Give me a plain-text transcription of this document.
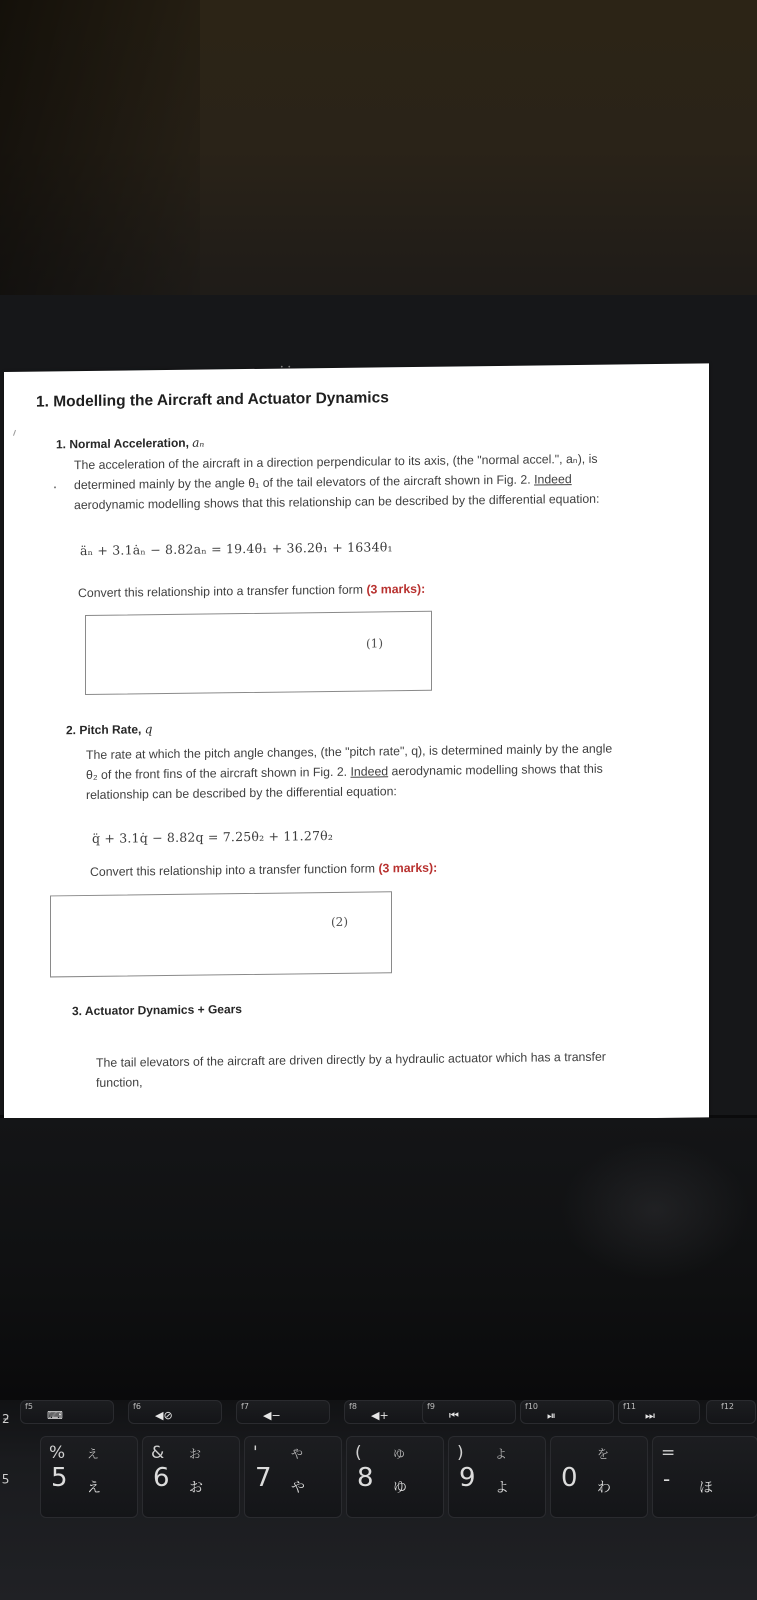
1. Modelling the Aircraft and Actuator Dynamics
1. Normal Acceleration, aₙ
The acceleration of the aircraft in a direction perpendicular to its axis, (the "normal accel.", aₙ), is
determined mainly by the angle θ₁ of the tail elevators of the aircraft shown in Fig. 2. Indeed
aerodynamic modelling shows that this relationship can be described by the differential equation:
äₙ + 3.1ȧₙ − 8.82aₙ = 19.4θ̈₁ + 36.2θ̇₁ + 1634θ₁
Convert this relationship into a transfer function form (3 marks):
(1)
2. Pitch Rate, q
The rate at which the pitch angle changes, (the "pitch rate", q), is determined mainly by the angle
θ₂ of the front fins of the aircraft shown in Fig. 2. Indeed aerodynamic modelling shows that this
relationship can be described by the differential equation:
q̈ + 3.1q̇ − 8.82q = 7.25θ̇₂ + 11.27θ₂
Convert this relationship into a transfer function form (3 marks):
(2)
3. Actuator Dynamics + Gears
The tail elevators of the aircraft are driven directly by a hydraulic actuator which has a transfer
function,
ƻ
ƽ
f5
⌨
f6
◀⊘
f7
◀−
f8
◀+
f9
⏮
f10
⏯
f11
⏭
f12
%
5
え
え
&
6
お
お
'
7
や
や
(
8
ゆ
ゆ
)
9
よ
よ 0
を
わ
=
- ほ
